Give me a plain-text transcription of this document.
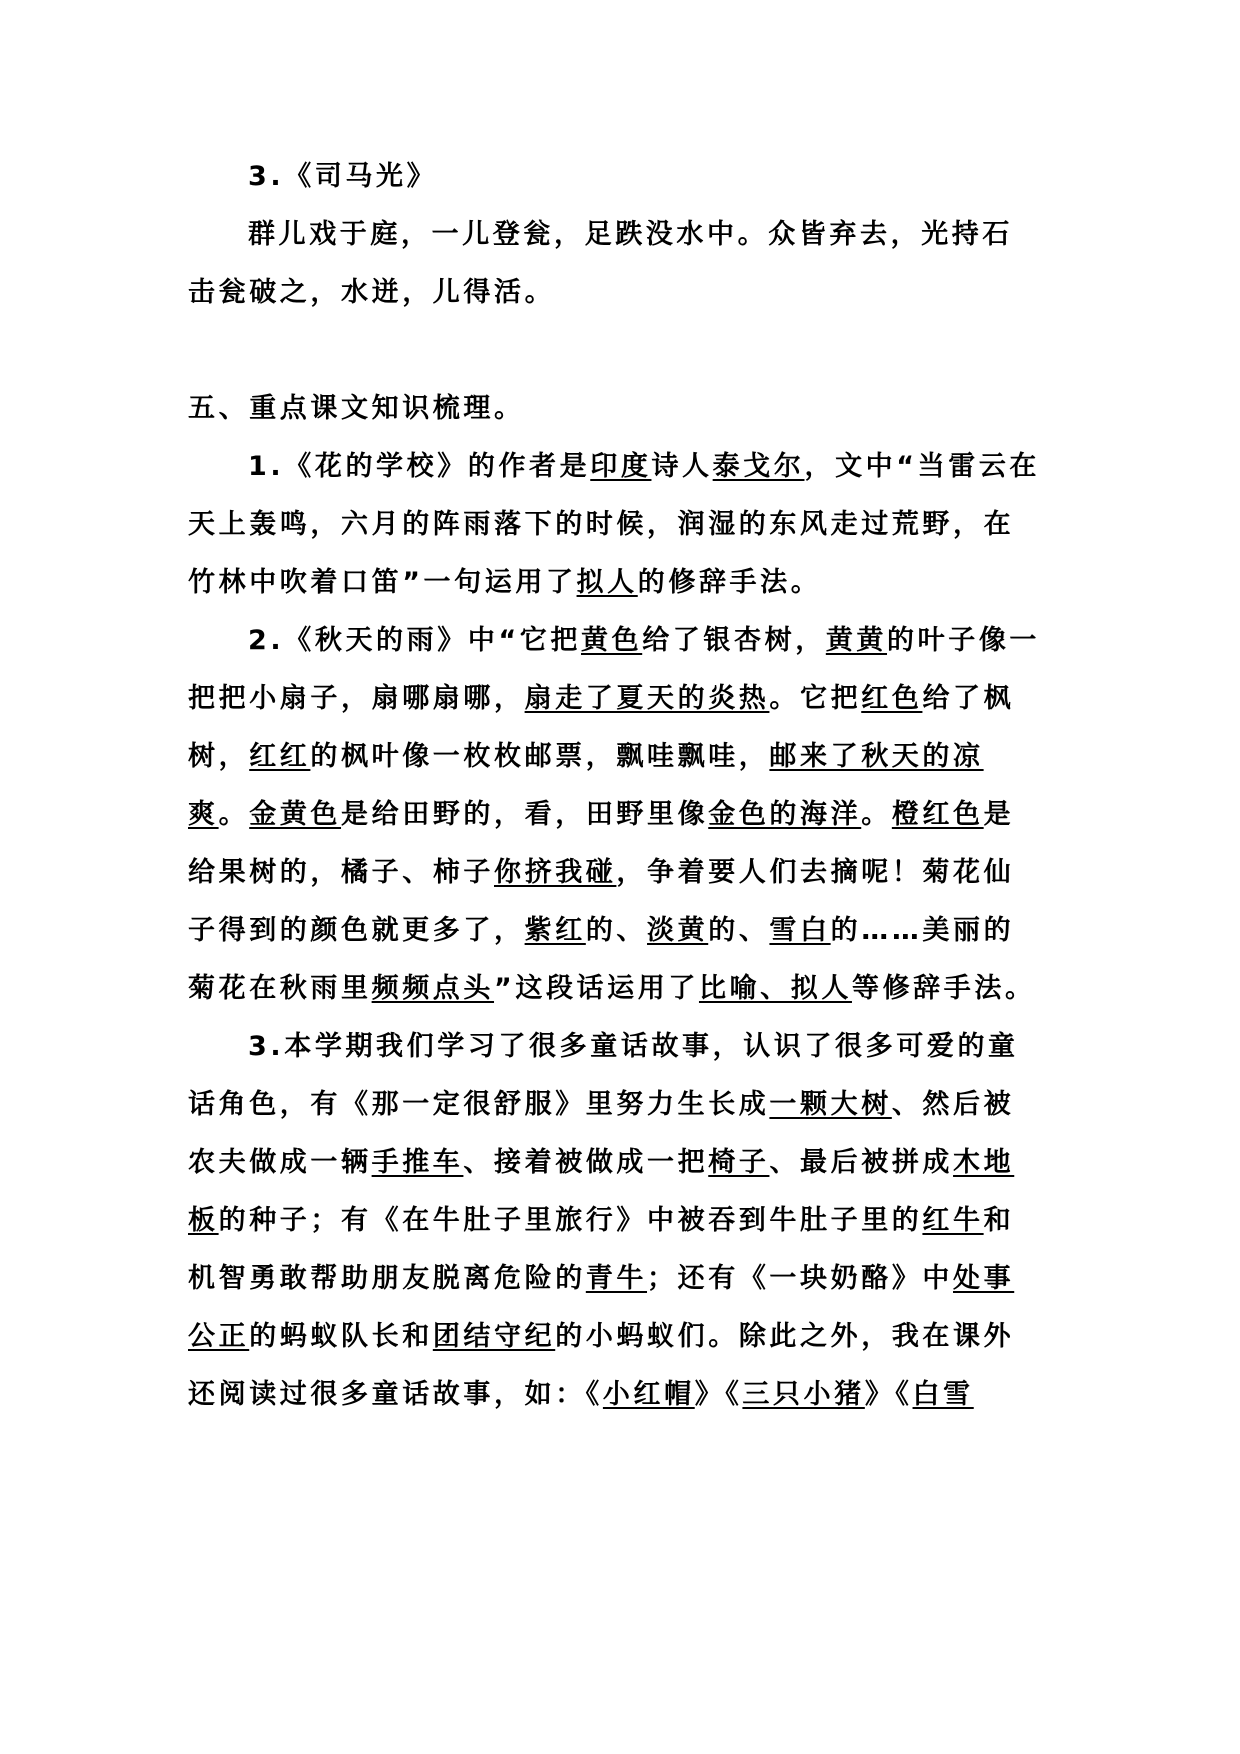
3.《司马光》
群儿戏于庭，一儿登瓮，足跌没水中。众皆弃去，光持石
击瓮破之，水迸，儿得活。
五、重点课文知识梳理。
1.《花的学校》的作者是印度诗人泰戈尔，文中“当雷云在
天上轰鸣，六月的阵雨落下的时候，润湿的东风走过荒野，在
竹林中吹着口笛”一句运用了拟人的修辞手法。
2.《秋天的雨》中“它把黄色给了银杏树，黄黄的叶子像一
把把小扇子，扇哪扇哪，扇走了夏天的炎热。它把红色给了枫
树，红红的枫叶像一枚枚邮票，飘哇飘哇，邮来了秋天的凉
爽。金黄色是给田野的，看，田野里像金色的海洋。橙红色是
给果树的，橘子、柿子你挤我碰，争着要人们去摘呢！菊花仙
子得到的颜色就更多了，紫红的、淡黄的、雪白的……美丽的
菊花在秋雨里频频点头”这段话运用了比喻、拟人等修辞手法。
3.本学期我们学习了很多童话故事，认识了很多可爱的童
话角色，有《那一定很舒服》里努力生长成一颗大树、然后被
农夫做成一辆手推车、接着被做成一把椅子、最后被拼成木地
板的种子；有《在牛肚子里旅行》中被吞到牛肚子里的红牛和
机智勇敢帮助朋友脱离危险的青牛；还有《一块奶酪》中处事
公正的蚂蚁队长和团结守纪的小蚂蚁们。除此之外，我在课外
还阅读过很多童话故事，如：《小红帽》《三只小猪》《白雪
